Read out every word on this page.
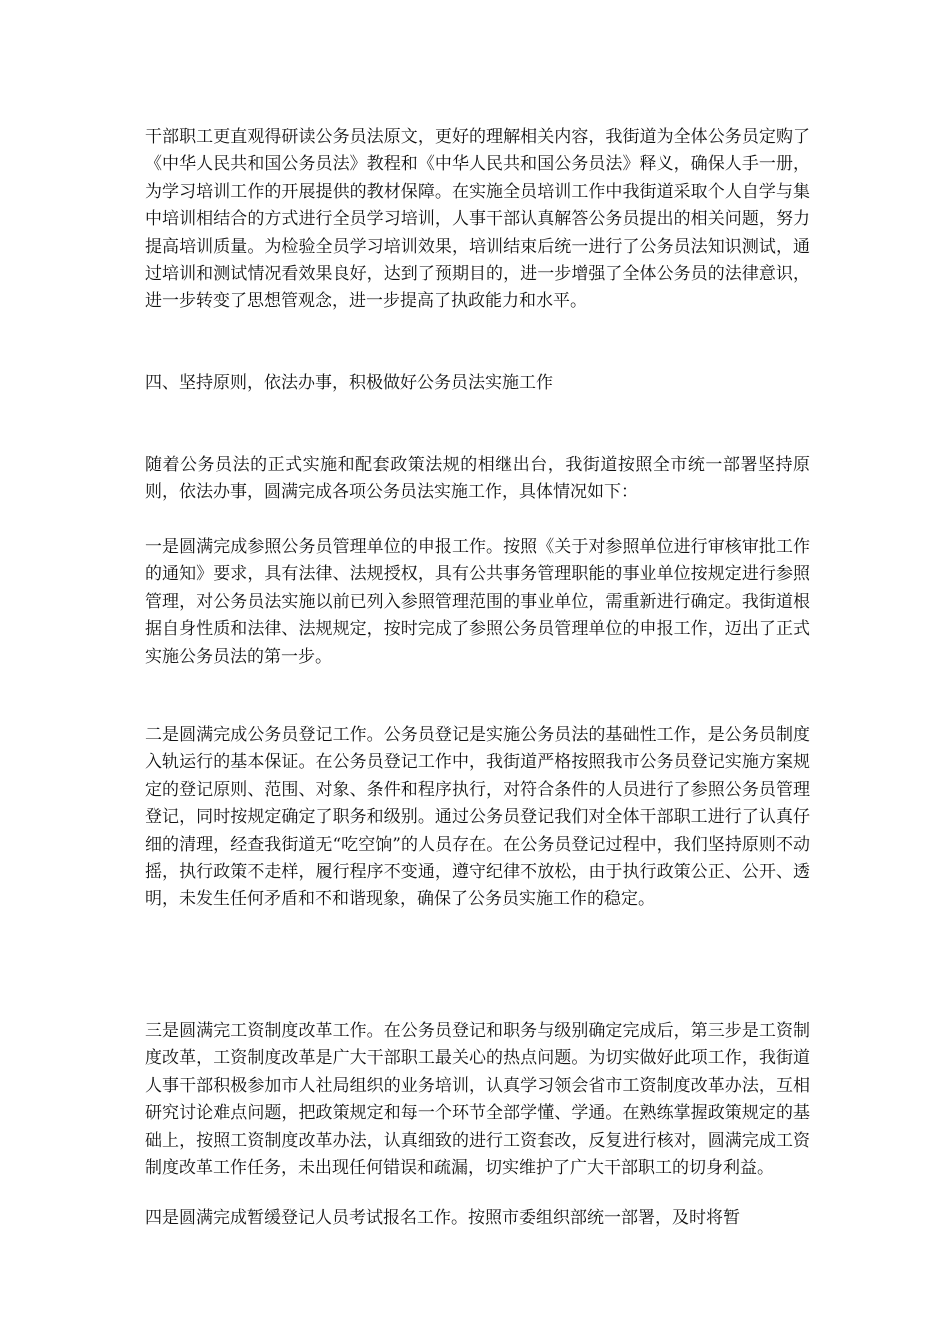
干部职工更直观得研读公务员法原文，更好的理解相关内容，我街道为全体公务员定购了《中华人民共和国公务员法》教程和《中华人民共和国公务员法》释义，确保人手一册，为学习培训工作的开展提供的教材保障。在实施全员培训工作中我街道采取个人自学与集中培训相结合的方式进行全员学习培训，人事干部认真解答公务员提出的相关问题，努力提高培训质量。为检验全员学习培训效果，培训结束后统一进行了公务员法知识测试，通过培训和测试情况看效果良好，达到了预期目的，进一步增强了全体公务员的法律意识，进一步转变了思想管观念，进一步提高了执政能力和水平。

四、坚持原则，依法办事，积极做好公务员法实施工作

随着公务员法的正式实施和配套政策法规的相继出台，我街道按照全市统一部署坚持原则，依法办事，圆满完成各项公务员法实施工作，具体情况如下：

一是圆满完成参照公务员管理单位的申报工作。按照《关于对参照单位进行审核审批工作的通知》要求，具有法律、法规授权，具有公共事务管理职能的事业单位按规定进行参照管理，对公务员法实施以前已列入参照管理范围的事业单位，需重新进行确定。我街道根据自身性质和法律、法规规定，按时完成了参照公务员管理单位的申报工作，迈出了正式实施公务员法的第一步。

二是圆满完成公务员登记工作。公务员登记是实施公务员法的基础性工作，是公务员制度入轨运行的基本保证。在公务员登记工作中，我街道严格按照我市公务员登记实施方案规定的登记原则、范围、对象、条件和程序执行，对符合条件的人员进行了参照公务员管理登记，同时按规定确定了职务和级别。通过公务员登记我们对全体干部职工进行了认真仔细的清理，经查我街道无“吃空饷”的人员存在。在公务员登记过程中，我们坚持原则不动摇，执行政策不走样，履行程序不变通，遵守纪律不放松，由于执行政策公正、公开、透明，未发生任何矛盾和不和谐现象，确保了公务员实施工作的稳定。

三是圆满完工资制度改革工作。在公务员登记和职务与级别确定完成后，第三步是工资制度改革，工资制度改革是广大干部职工最关心的热点问题。为切实做好此项工作，我街道人事干部积极参加市人社局组织的业务培训，认真学习领会省市工资制度改革办法，互相研究讨论难点问题，把政策规定和每一个环节全部学懂、学通。在熟练掌握政策规定的基础上，按照工资制度改革办法，认真细致的进行工资套改，反复进行核对，圆满完成工资制度改革工作任务，未出现任何错误和疏漏，切实维护了广大干部职工的切身利益。

四是圆满完成暂缓登记人员考试报名工作。按照市委组织部统一部署，及时将暂
